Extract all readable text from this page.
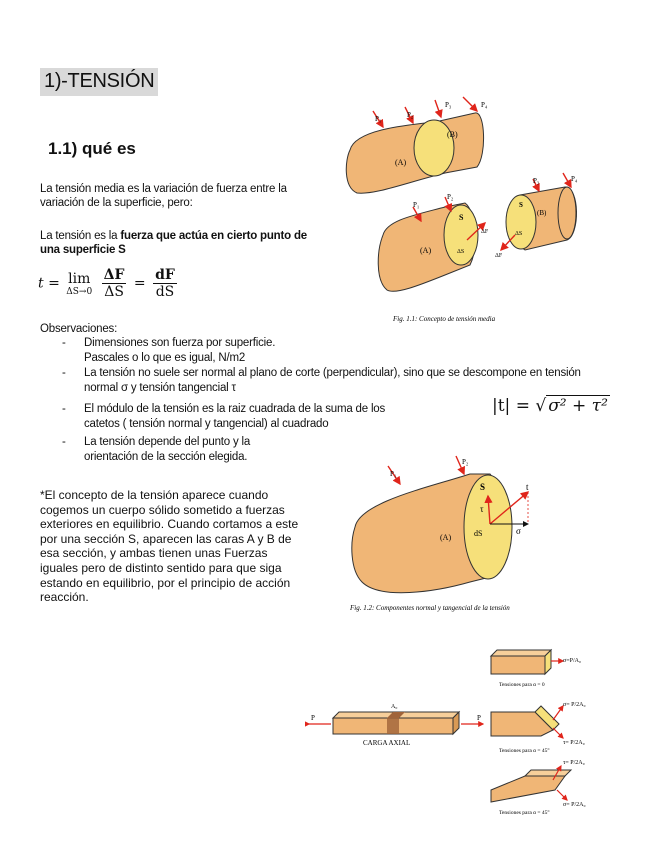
1)-TENSIÓN
1.1) qué es
La tensión media es la variación de fuerza entre la variación de la superficie, pero:
La tensión es la fuerza que actúa en cierto punto de una superficie S
t = lim
ΔS→0
$\frac{\Delta F}{\Delta S} = \frac{dF}{dS}$
Observaciones:
- Dimensiones son fuerza por superficie.
Pascales o lo que es igual, N/m2
- La tensión no suele ser normal al plano de corte (perpendicular), sino que se descompone en tensión
normal σ y tensión tangencial τ
- El módulo de la tensión es la raiz cuadrada de la suma de los
catetos ( tensión normal y tangencial) al cuadrado
- La tensión depende del punto y la
orientación de la sección elegida.
|t| = √ σ² + τ²
*El concepto de la tensión aparece cuando cogemos un cuerpo sólido sometido a fuerzas exteriores en equilibrio. Cuando cortamos a este por una sección S, aparecen las caras A y B de esa sección, y ambas tienen unas Fuerzas iguales pero de distinto sentido para que siga estando en equilibrio, por el principio de acción reacción.
(A)
(B)
P₁	P₂
P₃	P₄
(A)
S
ΔS
P₁
P₂
ΔF
(B)
S
ΔS
P₃	P₄
ΔF
Fig. 1.1: Concepto de tensión media
(A)
S
dS
P₁
P₂
τ
t
σ
Fig. 1.2: Componentes normal y tangencial de la tensión
P	P
A₀
CARGA AXIAL
σ=P/A₀
Tensiones para α = 0
σ= P/2A₀
τ= P/2A₀
Tensiones para α = 45°
τ= P/2A₀
σ= P/2A₀
Tensiones para α = 45°
